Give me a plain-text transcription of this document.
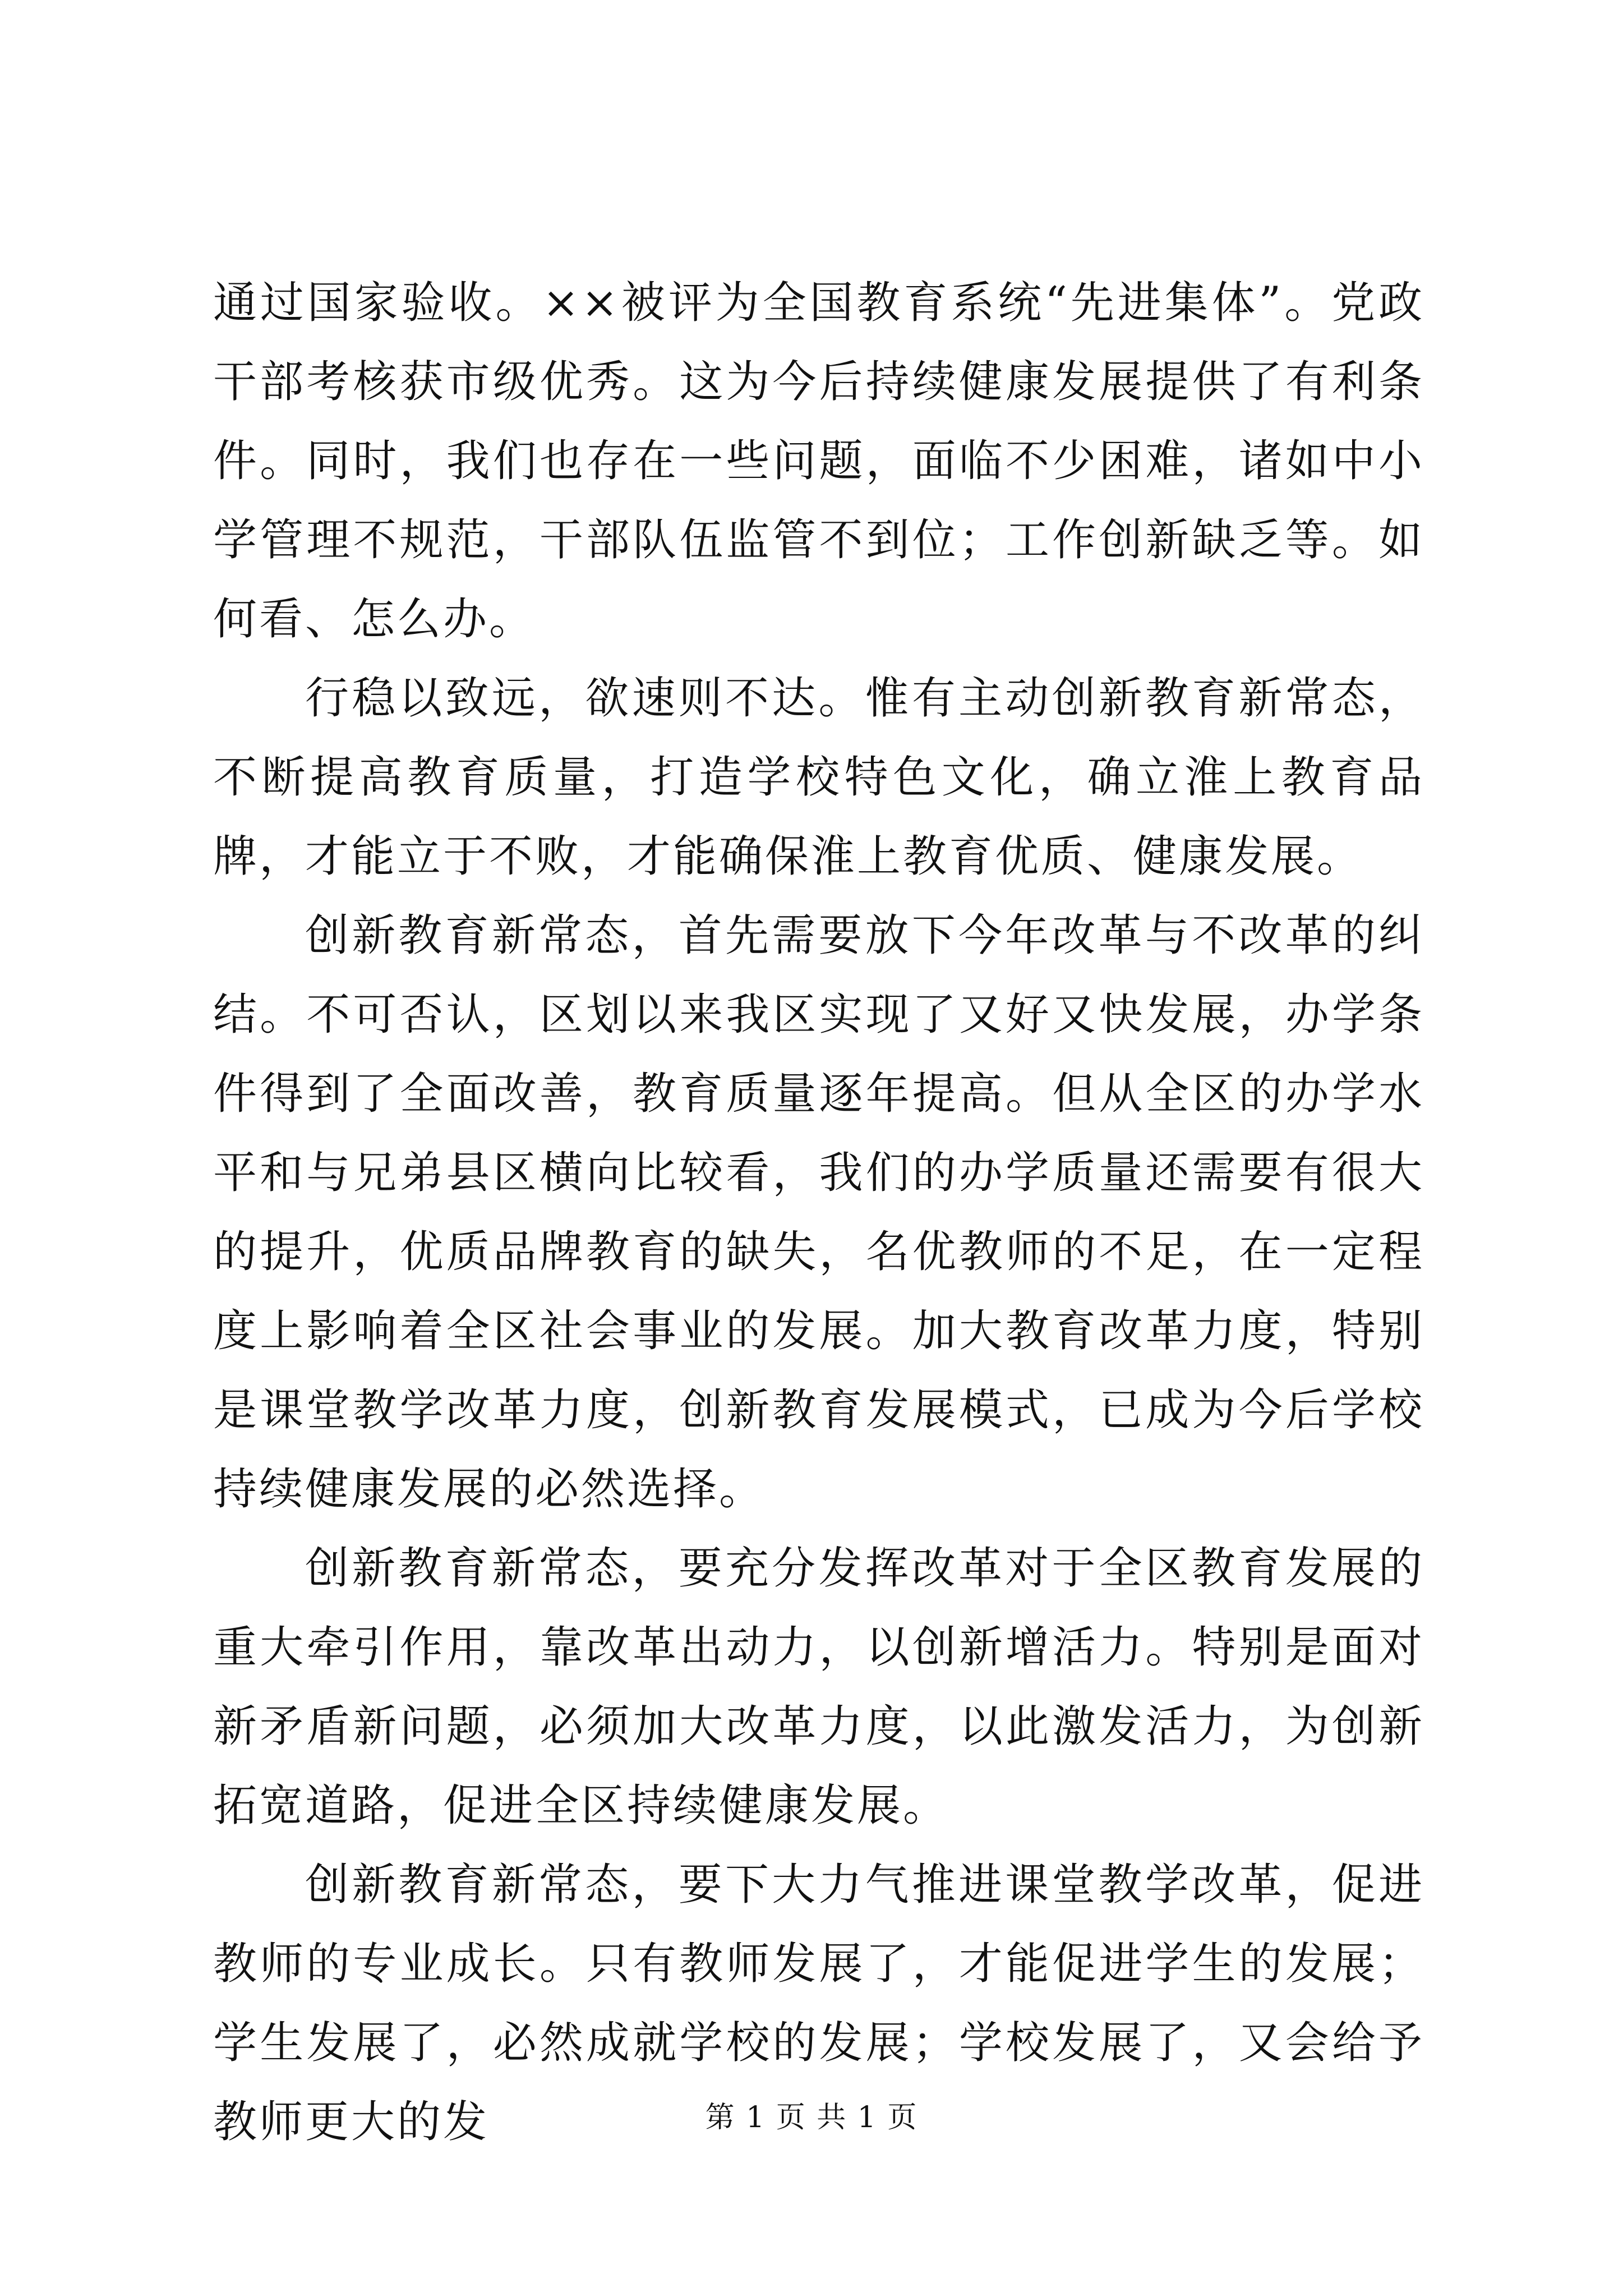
通过国家验收。××被评为全国教育系统“先进集体”。党政干部考核获市级优秀。这为今后持续健康发展提供了有利条件。同时，我们也存在一些问题，面临不少困难，诸如中小学管理不规范，干部队伍监管不到位；工作创新缺乏等。如何看、怎么办。

行稳以致远，欲速则不达。惟有主动创新教育新常态，不断提高教育质量，打造学校特色文化，确立淮上教育品牌，才能立于不败，才能确保淮上教育优质、健康发展。

创新教育新常态，首先需要放下今年改革与不改革的纠结。不可否认，区划以来我区实现了又好又快发展，办学条件得到了全面改善，教育质量逐年提高。但从全区的办学水平和与兄弟县区横向比较看，我们的办学质量还需要有很大的提升，优质品牌教育的缺失，名优教师的不足，在一定程度上影响着全区社会事业的发展。加大教育改革力度，特别是课堂教学改革力度，创新教育发展模式，已成为今后学校持续健康发展的必然选择。

创新教育新常态，要充分发挥改革对于全区教育发展的重大牵引作用，靠改革出动力，以创新增活力。特别是面对新矛盾新问题，必须加大改革力度，以此激发活力，为创新拓宽道路，促进全区持续健康发展。

创新教育新常态，要下大力气推进课堂教学改革，促进教师的专业成长。只有教师发展了，才能促进学生的发展；学生发展了，必然成就学校的发展；学校发展了，又会给予教师更大的发	第 1 页 共 1 页
